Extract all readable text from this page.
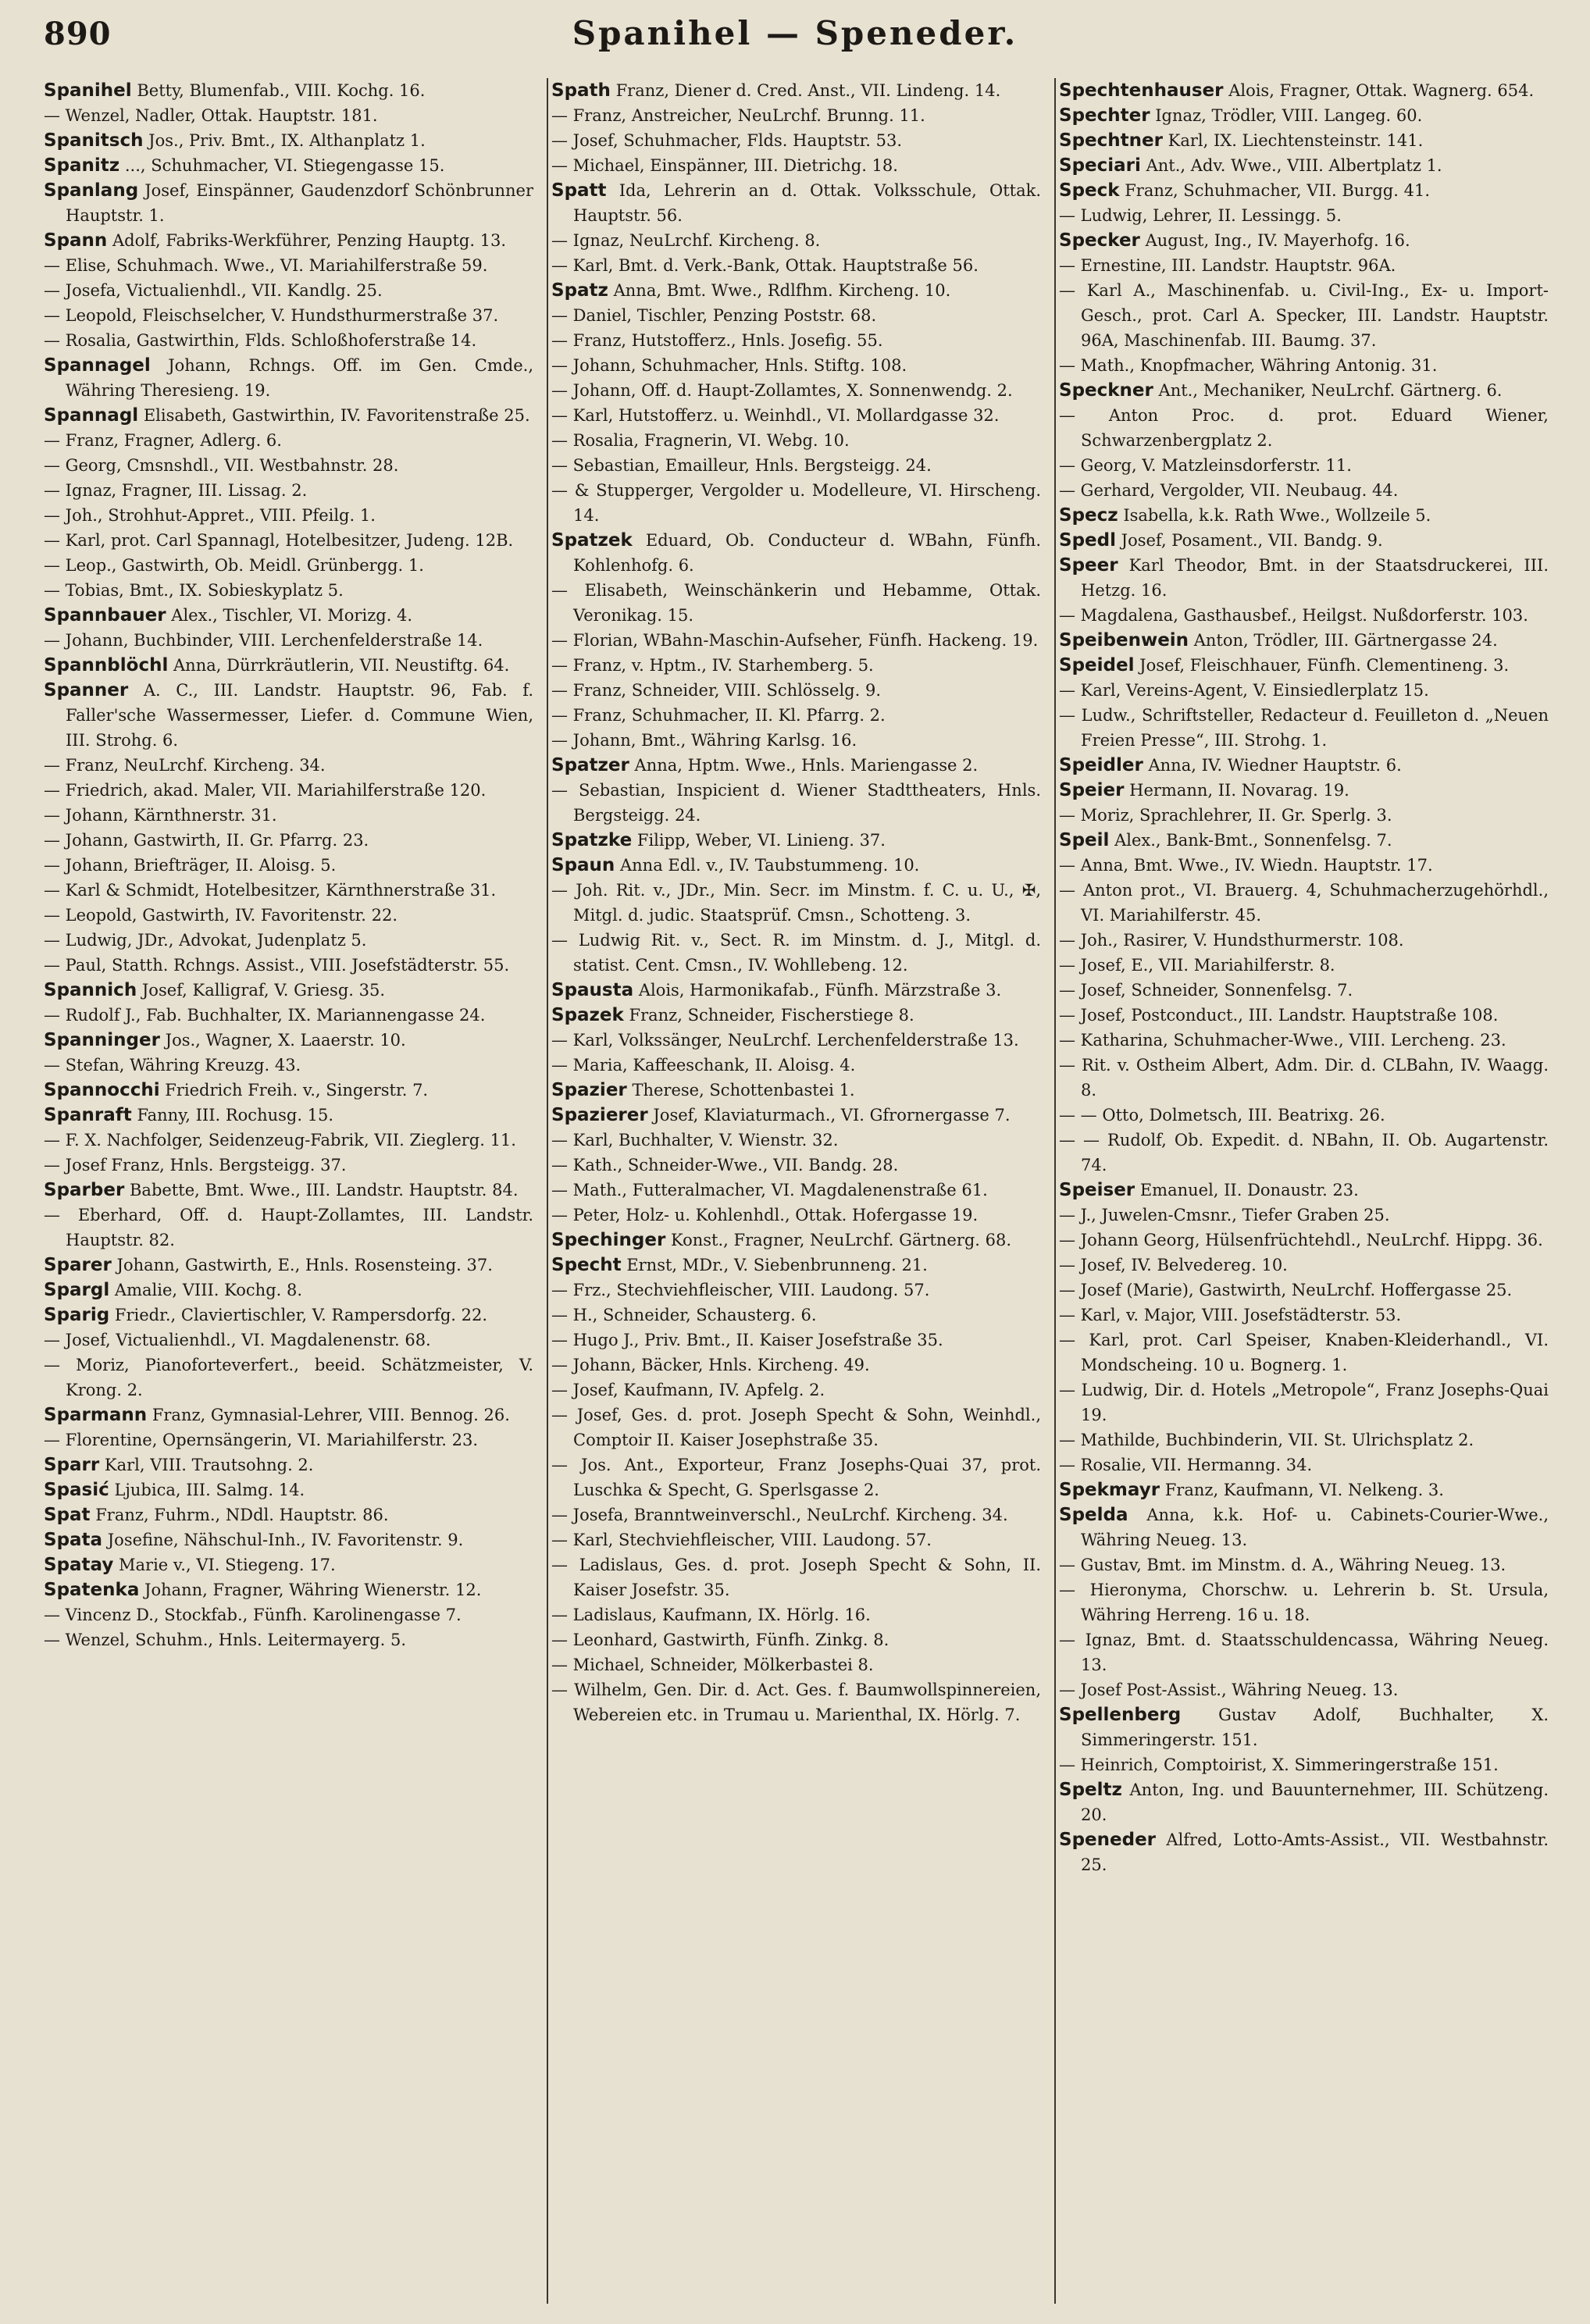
890	Spanihel — Speneder.

Spanihel Betty, Blumenfab., VIII. Kochg. 16.

— Wenzel, Nadler, Ottak. Hauptstr. 181.

Spanitsch Jos., Priv. Bmt., IX. Althanplatz 1.

Spanitz ..., Schuhmacher, VI. Stiegengasse 15.

Spanlang Josef, Einspänner, Gaudenzdorf Schönbrunner Hauptstr. 1.

Spann Adolf, Fabriks-Werkführer, Penzing Hauptg. 13.

— Elise, Schuhmach. Wwe., VI. Mariahilferstraße 59.

— Josefa, Victualienhdl., VII. Kandlg. 25.

— Leopold, Fleischselcher, V. Hundsthurmerstraße 37.

— Rosalia, Gastwirthin, Flds. Schloßhoferstraße 14.

Spannagel Johann, Rchngs. Off. im Gen. Cmde., Währing Theresieng. 19.

Spannagl Elisabeth, Gastwirthin, IV. Favoritenstraße 25.

— Franz, Fragner, Adlerg. 6.

— Georg, Cmsnshdl., VII. Westbahnstr. 28.

— Ignaz, Fragner, III. Lissag. 2.

— Joh., Strohhut-Appret., VIII. Pfeilg. 1.

— Karl, prot. Carl Spannagl, Hotelbesitzer, Judeng. 12B.

— Leop., Gastwirth, Ob. Meidl. Grünbergg. 1.

— Tobias, Bmt., IX. Sobieskyplatz 5.

Spannbauer Alex., Tischler, VI. Morizg. 4.

— Johann, Buchbinder, VIII. Lerchenfelderstraße 14.

Spannblöchl Anna, Dürrkräutlerin, VII. Neustiftg. 64.

Spanner A. C., III. Landstr. Hauptstr. 96, Fab. f. Faller'sche Wassermesser, Liefer. d. Commune Wien, III. Strohg. 6.

— Franz, NeuLrchf. Kircheng. 34.

— Friedrich, akad. Maler, VII. Mariahilferstraße 120.

— Johann, Kärnthnerstr. 31.

— Johann, Gastwirth, II. Gr. Pfarrg. 23.

— Johann, Briefträger, II. Aloisg. 5.

— Karl & Schmidt, Hotelbesitzer, Kärnthnerstraße 31.

— Leopold, Gastwirth, IV. Favoritenstr. 22.

— Ludwig, JDr., Advokat, Judenplatz 5.

— Paul, Statth. Rchngs. Assist., VIII. Josefstädterstr. 55.

Spannich Josef, Kalligraf, V. Griesg. 35.

— Rudolf J., Fab. Buchhalter, IX. Mariannengasse 24.

Spanninger Jos., Wagner, X. Laaerstr. 10.

— Stefan, Währing Kreuzg. 43.

Spannocchi Friedrich Freih. v., Singerstr. 7.

Spanraft Fanny, III. Rochusg. 15.

— F. X. Nachfolger, Seidenzeug-Fabrik, VII. Zieglerg. 11.

— Josef Franz, Hnls. Bergsteigg. 37.

Sparber Babette, Bmt. Wwe., III. Landstr. Hauptstr. 84.

— Eberhard, Off. d. Haupt-Zollamtes, III. Landstr. Hauptstr. 82.

Sparer Johann, Gastwirth, E., Hnls. Rosensteing. 37.

Spargl Amalie, VIII. Kochg. 8.

Sparig Friedr., Claviertischler, V. Rampersdorfg. 22.

— Josef, Victualienhdl., VI. Magdalenenstr. 68.

— Moriz, Pianoforteverfert., beeid. Schätzmeister, V. Krong. 2.

Sparmann Franz, Gymnasial-Lehrer, VIII. Bennog. 26.

— Florentine, Opernsängerin, VI. Mariahilferstr. 23.

Sparr Karl, VIII. Trautsohng. 2.

Spasić Ljubica, III. Salmg. 14.

Spat Franz, Fuhrm., NDdl. Hauptstr. 86.

Spata Josefine, Nähschul-Inh., IV. Favoritenstr. 9.

Spatay Marie v., VI. Stiegeng. 17.

Spatenka Johann, Fragner, Währing Wienerstr. 12.

— Vincenz D., Stockfab., Fünfh. Karolinengasse 7.

— Wenzel, Schuhm., Hnls. Leitermayerg. 5.

Spath Franz, Diener d. Cred. Anst., VII. Lindeng. 14.

— Franz, Anstreicher, NeuLrchf. Brunng. 11.

— Josef, Schuhmacher, Flds. Hauptstr. 53.

— Michael, Einspänner, III. Dietrichg. 18.

Spatt Ida, Lehrerin an d. Ottak. Volksschule, Ottak. Hauptstr. 56.

— Ignaz, NeuLrchf. Kircheng. 8.

— Karl, Bmt. d. Verk.-Bank, Ottak. Hauptstraße 56.

Spatz Anna, Bmt. Wwe., Rdlfhm. Kircheng. 10.

— Daniel, Tischler, Penzing Poststr. 68.

— Franz, Hutstofferz., Hnls. Josefig. 55.

— Johann, Schuhmacher, Hnls. Stiftg. 108.

— Johann, Off. d. Haupt-Zollamtes, X. Sonnenwendg. 2.

— Karl, Hutstofferz. u. Weinhdl., VI. Mollardgasse 32.

— Rosalia, Fragnerin, VI. Webg. 10.

— Sebastian, Emailleur, Hnls. Bergsteigg. 24.

— & Stupperger, Vergolder u. Modelleure, VI. Hirscheng. 14.

Spatzek Eduard, Ob. Conducteur d. WBahn, Fünfh. Kohlenhofg. 6.

— Elisabeth, Weinschänkerin und Hebamme, Ottak. Veronikag. 15.

— Florian, WBahn-Maschin-Aufseher, Fünfh. Hackeng. 19.

— Franz, v. Hptm., IV. Starhemberg. 5.

— Franz, Schneider, VIII. Schlösselg. 9.

— Franz, Schuhmacher, II. Kl. Pfarrg. 2.

— Johann, Bmt., Währing Karlsg. 16.

Spatzer Anna, Hptm. Wwe., Hnls. Mariengasse 2.

— Sebastian, Inspicient d. Wiener Stadttheaters, Hnls. Bergsteigg. 24.

Spatzke Filipp, Weber, VI. Linieng. 37.

Spaun Anna Edl. v., IV. Taubstummeng. 10.

— Joh. Rit. v., JDr., Min. Secr. im Minstm. f. C. u. U., ✠, Mitgl. d. judic. Staatsprüf. Cmsn., Schotteng. 3.

— Ludwig Rit. v., Sect. R. im Minstm. d. J., Mitgl. d. statist. Cent. Cmsn., IV. Wohllebeng. 12.

Spausta Alois, Harmonikafab., Fünfh. Märzstraße 3.

Spazek Franz, Schneider, Fischerstiege 8.

— Karl, Volkssänger, NeuLrchf. Lerchenfelderstraße 13.

— Maria, Kaffeeschank, II. Aloisg. 4.

Spazier Therese, Schottenbastei 1.

Spazierer Josef, Klaviaturmach., VI. Gfrornergasse 7.

— Karl, Buchhalter, V. Wienstr. 32.

— Kath., Schneider-Wwe., VII. Bandg. 28.

— Math., Futteralmacher, VI. Magdalenenstraße 61.

— Peter, Holz- u. Kohlenhdl., Ottak. Hofergasse 19.

Spechinger Konst., Fragner, NeuLrchf. Gärtnerg. 68.

Specht Ernst, MDr., V. Siebenbrunneng. 21.

— Frz., Stechviehfleischer, VIII. Laudong. 57.

— H., Schneider, Schausterg. 6.

— Hugo J., Priv. Bmt., II. Kaiser Josefstraße 35.

— Johann, Bäcker, Hnls. Kircheng. 49.

— Josef, Kaufmann, IV. Apfelg. 2.

— Josef, Ges. d. prot. Joseph Specht & Sohn, Weinhdl., Comptoir II. Kaiser Josephstraße 35.

— Jos. Ant., Exporteur, Franz Josephs-Quai 37, prot. Luschka & Specht, G. Sperlsgasse 2.

— Josefa, Branntweinverschl., NeuLrchf. Kircheng. 34.

— Karl, Stechviehfleischer, VIII. Laudong. 57.

— Ladislaus, Ges. d. prot. Joseph Specht & Sohn, II. Kaiser Josefstr. 35.

— Ladislaus, Kaufmann, IX. Hörlg. 16.

— Leonhard, Gastwirth, Fünfh. Zinkg. 8.

— Michael, Schneider, Mölkerbastei 8.

— Wilhelm, Gen. Dir. d. Act. Ges. f. Baumwollspinnereien, Webereien etc. in Trumau u. Marienthal, IX. Hörlg. 7.

Spechtenhauser Alois, Fragner, Ottak. Wagnerg. 654.

Spechter Ignaz, Trödler, VIII. Langeg. 60.

Spechtner Karl, IX. Liechtensteinstr. 141.

Speciari Ant., Adv. Wwe., VIII. Albertplatz 1.

Speck Franz, Schuhmacher, VII. Burgg. 41.

— Ludwig, Lehrer, II. Lessingg. 5.

Specker August, Ing., IV. Mayerhofg. 16.

— Ernestine, III. Landstr. Hauptstr. 96A.

— Karl A., Maschinenfab. u. Civil-Ing., Ex- u. Import-Gesch., prot. Carl A. Specker, III. Landstr. Hauptstr. 96A, Maschinenfab. III. Baumg. 37.

— Math., Knopfmacher, Währing Antonig. 31.

Speckner Ant., Mechaniker, NeuLrchf. Gärtnerg. 6.

— Anton Proc. d. prot. Eduard Wiener, Schwarzenbergplatz 2.

— Georg, V. Matzleinsdorferstr. 11.

— Gerhard, Vergolder, VII. Neubaug. 44.

Specz Isabella, k.k. Rath Wwe., Wollzeile 5.

Spedl Josef, Posament., VII. Bandg. 9.

Speer Karl Theodor, Bmt. in der Staatsdruckerei, III. Hetzg. 16.

— Magdalena, Gasthausbef., Heilgst. Nußdorferstr. 103.

Speibenwein Anton, Trödler, III. Gärtnergasse 24.

Speidel Josef, Fleischhauer, Fünfh. Clementineng. 3.

— Karl, Vereins-Agent, V. Einsiedlerplatz 15.

— Ludw., Schriftsteller, Redacteur d. Feuilleton d. „Neuen Freien Presse“, III. Strohg. 1.

Speidler Anna, IV. Wiedner Hauptstr. 6.

Speier Hermann, II. Novarag. 19.

— Moriz, Sprachlehrer, II. Gr. Sperlg. 3.

Speil Alex., Bank-Bmt., Sonnenfelsg. 7.

— Anna, Bmt. Wwe., IV. Wiedn. Hauptstr. 17.

— Anton prot., VI. Brauerg. 4, Schuhmacherzugehörhdl., VI. Mariahilferstr. 45.

— Joh., Rasirer, V. Hundsthurmerstr. 108.

— Josef, E., VII. Mariahilferstr. 8.

— Josef, Schneider, Sonnenfelsg. 7.

— Josef, Postconduct., III. Landstr. Hauptstraße 108.

— Katharina, Schuhmacher-Wwe., VIII. Lercheng. 23.

— Rit. v. Ostheim Albert, Adm. Dir. d. CLBahn, IV. Waagg. 8.

— — Otto, Dolmetsch, III. Beatrixg. 26.

— — Rudolf, Ob. Expedit. d. NBahn, II. Ob. Augartenstr. 74.

Speiser Emanuel, II. Donaustr. 23.

— J., Juwelen-Cmsnr., Tiefer Graben 25.

— Johann Georg, Hülsenfrüchtehdl., NeuLrchf. Hippg. 36.

— Josef, IV. Belvedereg. 10.

— Josef (Marie), Gastwirth, NeuLrchf. Hoffergasse 25.

— Karl, v. Major, VIII. Josefstädterstr. 53.

— Karl, prot. Carl Speiser, Knaben-Kleiderhandl., VI. Mondscheing. 10 u. Bognerg. 1.

— Ludwig, Dir. d. Hotels „Metropole“, Franz Josephs-Quai 19.

— Mathilde, Buchbinderin, VII. St. Ulrichsplatz 2.

— Rosalie, VII. Hermanng. 34.

Spekmayr Franz, Kaufmann, VI. Nelkeng. 3.

Spelda Anna, k.k. Hof- u. Cabinets-Courier-Wwe., Währing Neueg. 13.

— Gustav, Bmt. im Minstm. d. A., Währing Neueg. 13.

— Hieronyma, Chorschw. u. Lehrerin b. St. Ursula, Währing Herreng. 16 u. 18.

— Ignaz, Bmt. d. Staatsschuldencassa, Währing Neueg. 13.

— Josef Post-Assist., Währing Neueg. 13.

Spellenberg Gustav Adolf, Buchhalter, X. Simmeringerstr. 151.

— Heinrich, Comptoirist, X. Simmeringerstraße 151.

Speltz Anton, Ing. und Bauunternehmer, III. Schützeng. 20.

Speneder Alfred, Lotto-Amts-Assist., VII. Westbahnstr. 25.
